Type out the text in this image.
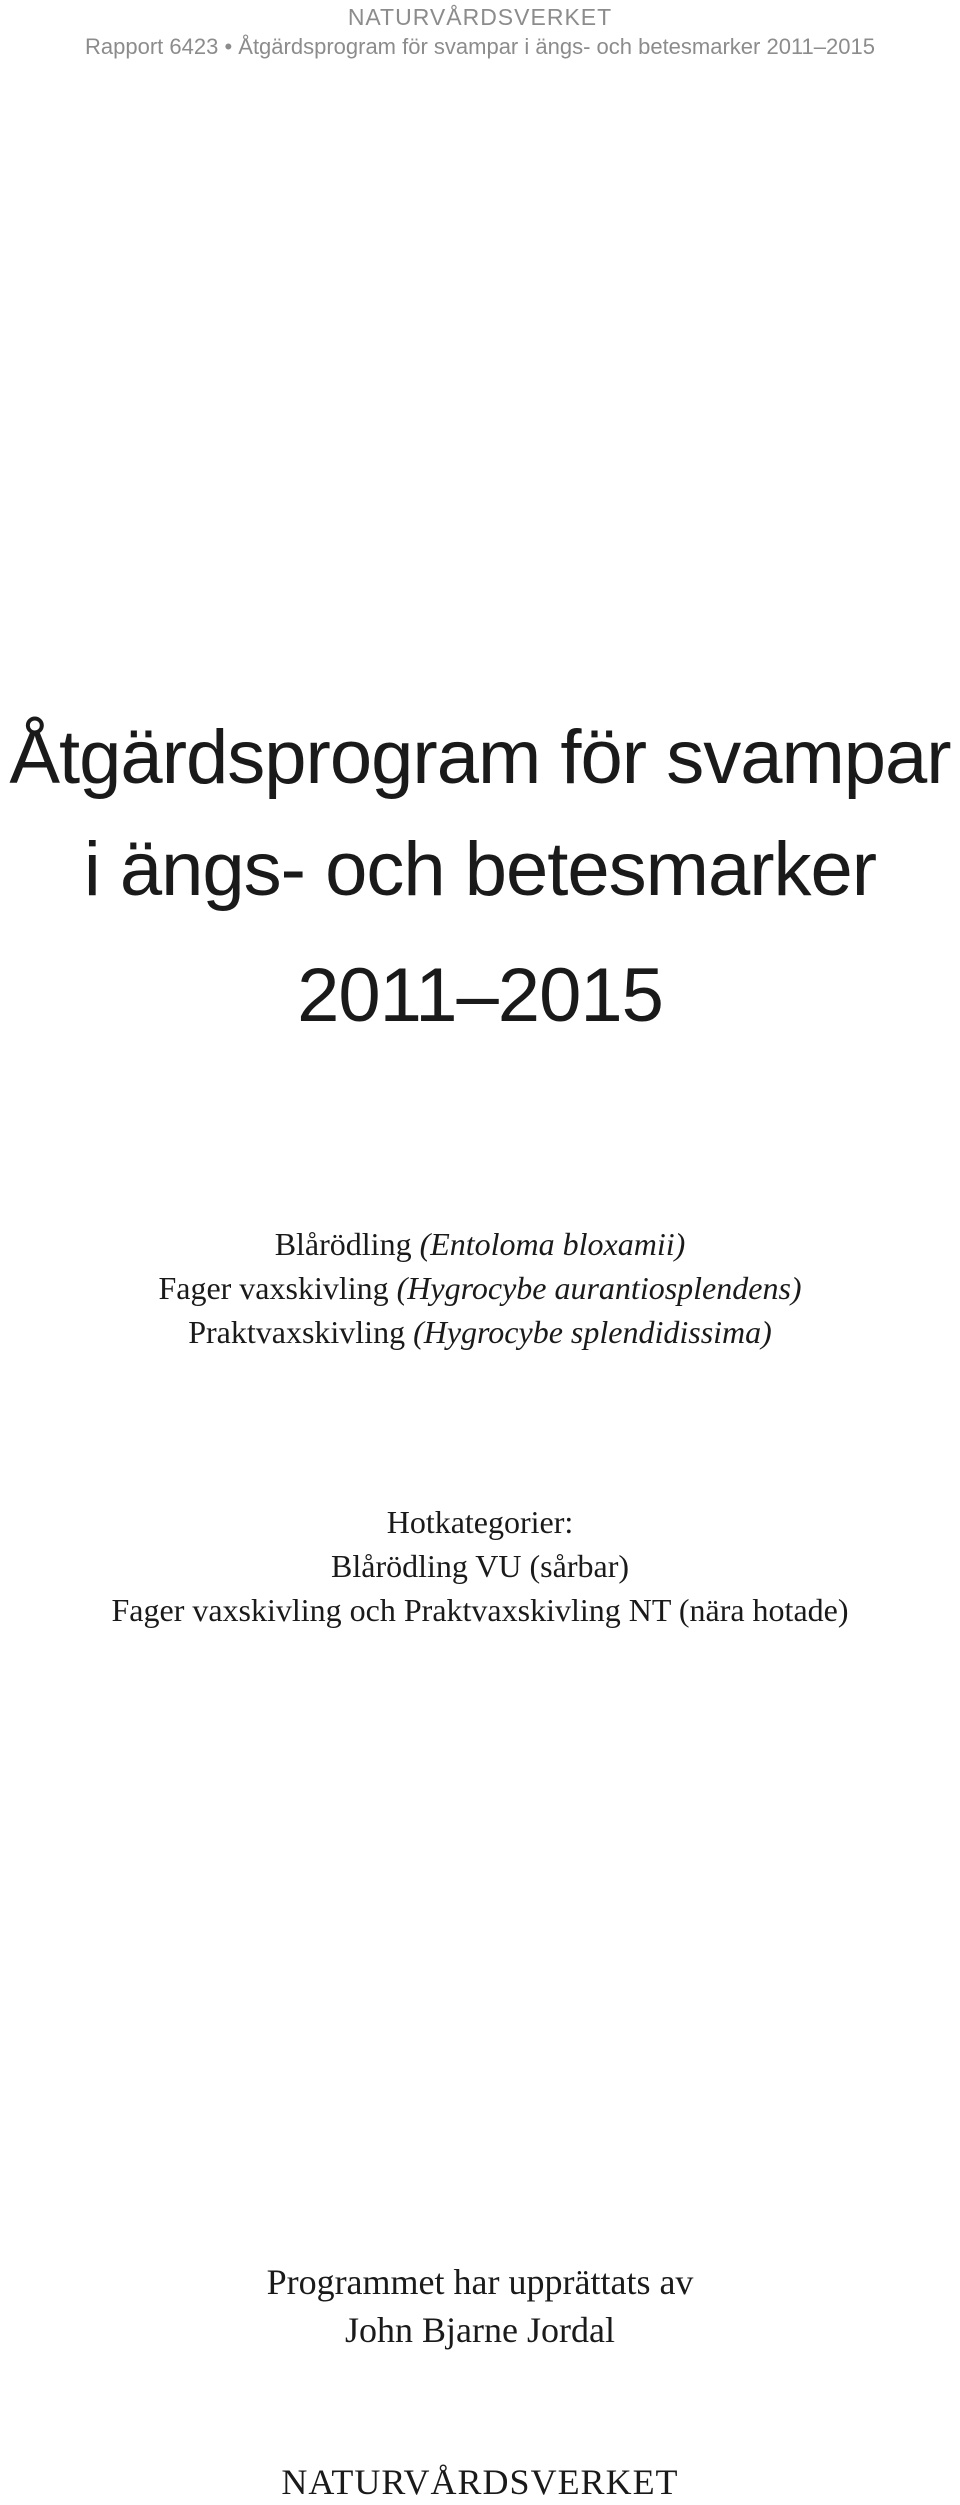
NATURVÅRDSVERKET
Rapport 6423 • Åtgärdsprogram för svampar i ängs- och betesmarker 2011–2015
Åtgärdsprogram för svampar
i ängs- och betesmarker
2011–2015
Blårödling (Entoloma bloxamii)
Fager vaxskivling (Hygrocybe aurantiosplendens)
Praktvaxskivling (Hygrocybe splendidissima)
Hotkategorier:
Blårödling VU (sårbar)
Fager vaxskivling och Praktvaxskivling NT (nära hotade)
Programmet har upprättats av
John Bjarne Jordal
NATURVÅRDSVERKET
